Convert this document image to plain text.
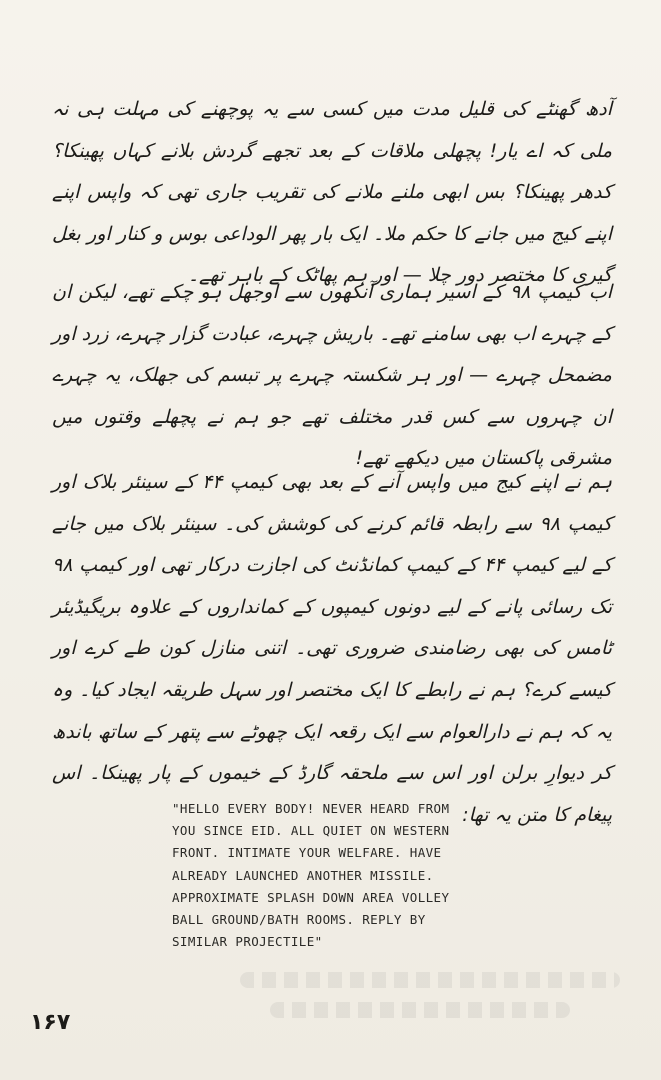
آدھ گھنٹے کی قلیل مدت میں کسی سے یہ پوچھنے کی مہلت ہی نہ ملی کہ اے یار! پچھلی ملاقات کے بعد تجھے گردش بلانے کہاں پھینکا؟ کدھر پھینکا؟ بس ابھی ملنے ملانے کی تقریب جاری تھی کہ واپس اپنے اپنے کیج میں جانے کا حکم ملا۔ ایک بار پھر الوداعی بوس و کنار اور بغل گیری کا مختصر دور چلا — اور ہم پھاٹک کے باہر تھے۔

اب کیمپ ۹۸ کے اسیر ہماری آنکھوں سے اوجھل ہو چکے تھے، لیکن ان کے چہرے اب بھی سامنے تھے۔ باریش چہرے، عبادت گزار چہرے، زرد اور مضمحل چہرے — اور ہر شکستہ چہرے پر تبسم کی جھلک، یہ چہرے ان چہروں سے کس قدر مختلف تھے جو ہم نے پچھلے وقتوں میں مشرقی پاکستان میں دیکھے تھے!

ہم نے اپنے کیج میں واپس آنے کے بعد بھی کیمپ ۴۴ کے سینئر بلاک اور کیمپ ۹۸ سے رابطہ قائم کرنے کی کوشش کی۔ سینئر بلاک میں جانے کے لیے کیمپ ۴۴ کے کیمپ کمانڈنٹ کی اجازت درکار تھی اور کیمپ ۹۸ تک رسائی پانے کے لیے دونوں کیمپوں کے کمانداروں کے علاوہ بریگیڈیئر ٹامس کی بھی رضامندی ضروری تھی۔ اتنی منازل کون طے کرے اور کیسے کرے؟ ہم نے رابطے کا ایک مختصر اور سہل طریقہ ایجاد کیا۔ وہ یہ کہ ہم نے دارالعوام سے ایک رقعہ ایک چھوٹے سے پتھر کے ساتھ باندھ کر دیوارِ برلن اور اس سے ملحقہ گارڈ کے خیموں کے پار پھینکا۔ اس پیغام کا متن یہ تھا:

"HELLO EVERY BODY! NEVER HEARD FROM
YOU SINCE EID. ALL QUIET ON WESTERN
FRONT. INTIMATE YOUR WELFARE. HAVE
ALREADY LAUNCHED ANOTHER MISSILE.
APPROXIMATE SPLASH DOWN AREA VOLLEY
BALL GROUND/BATH ROOMS. REPLY BY
SIMILAR PROJECTILE"
۱۶۷
